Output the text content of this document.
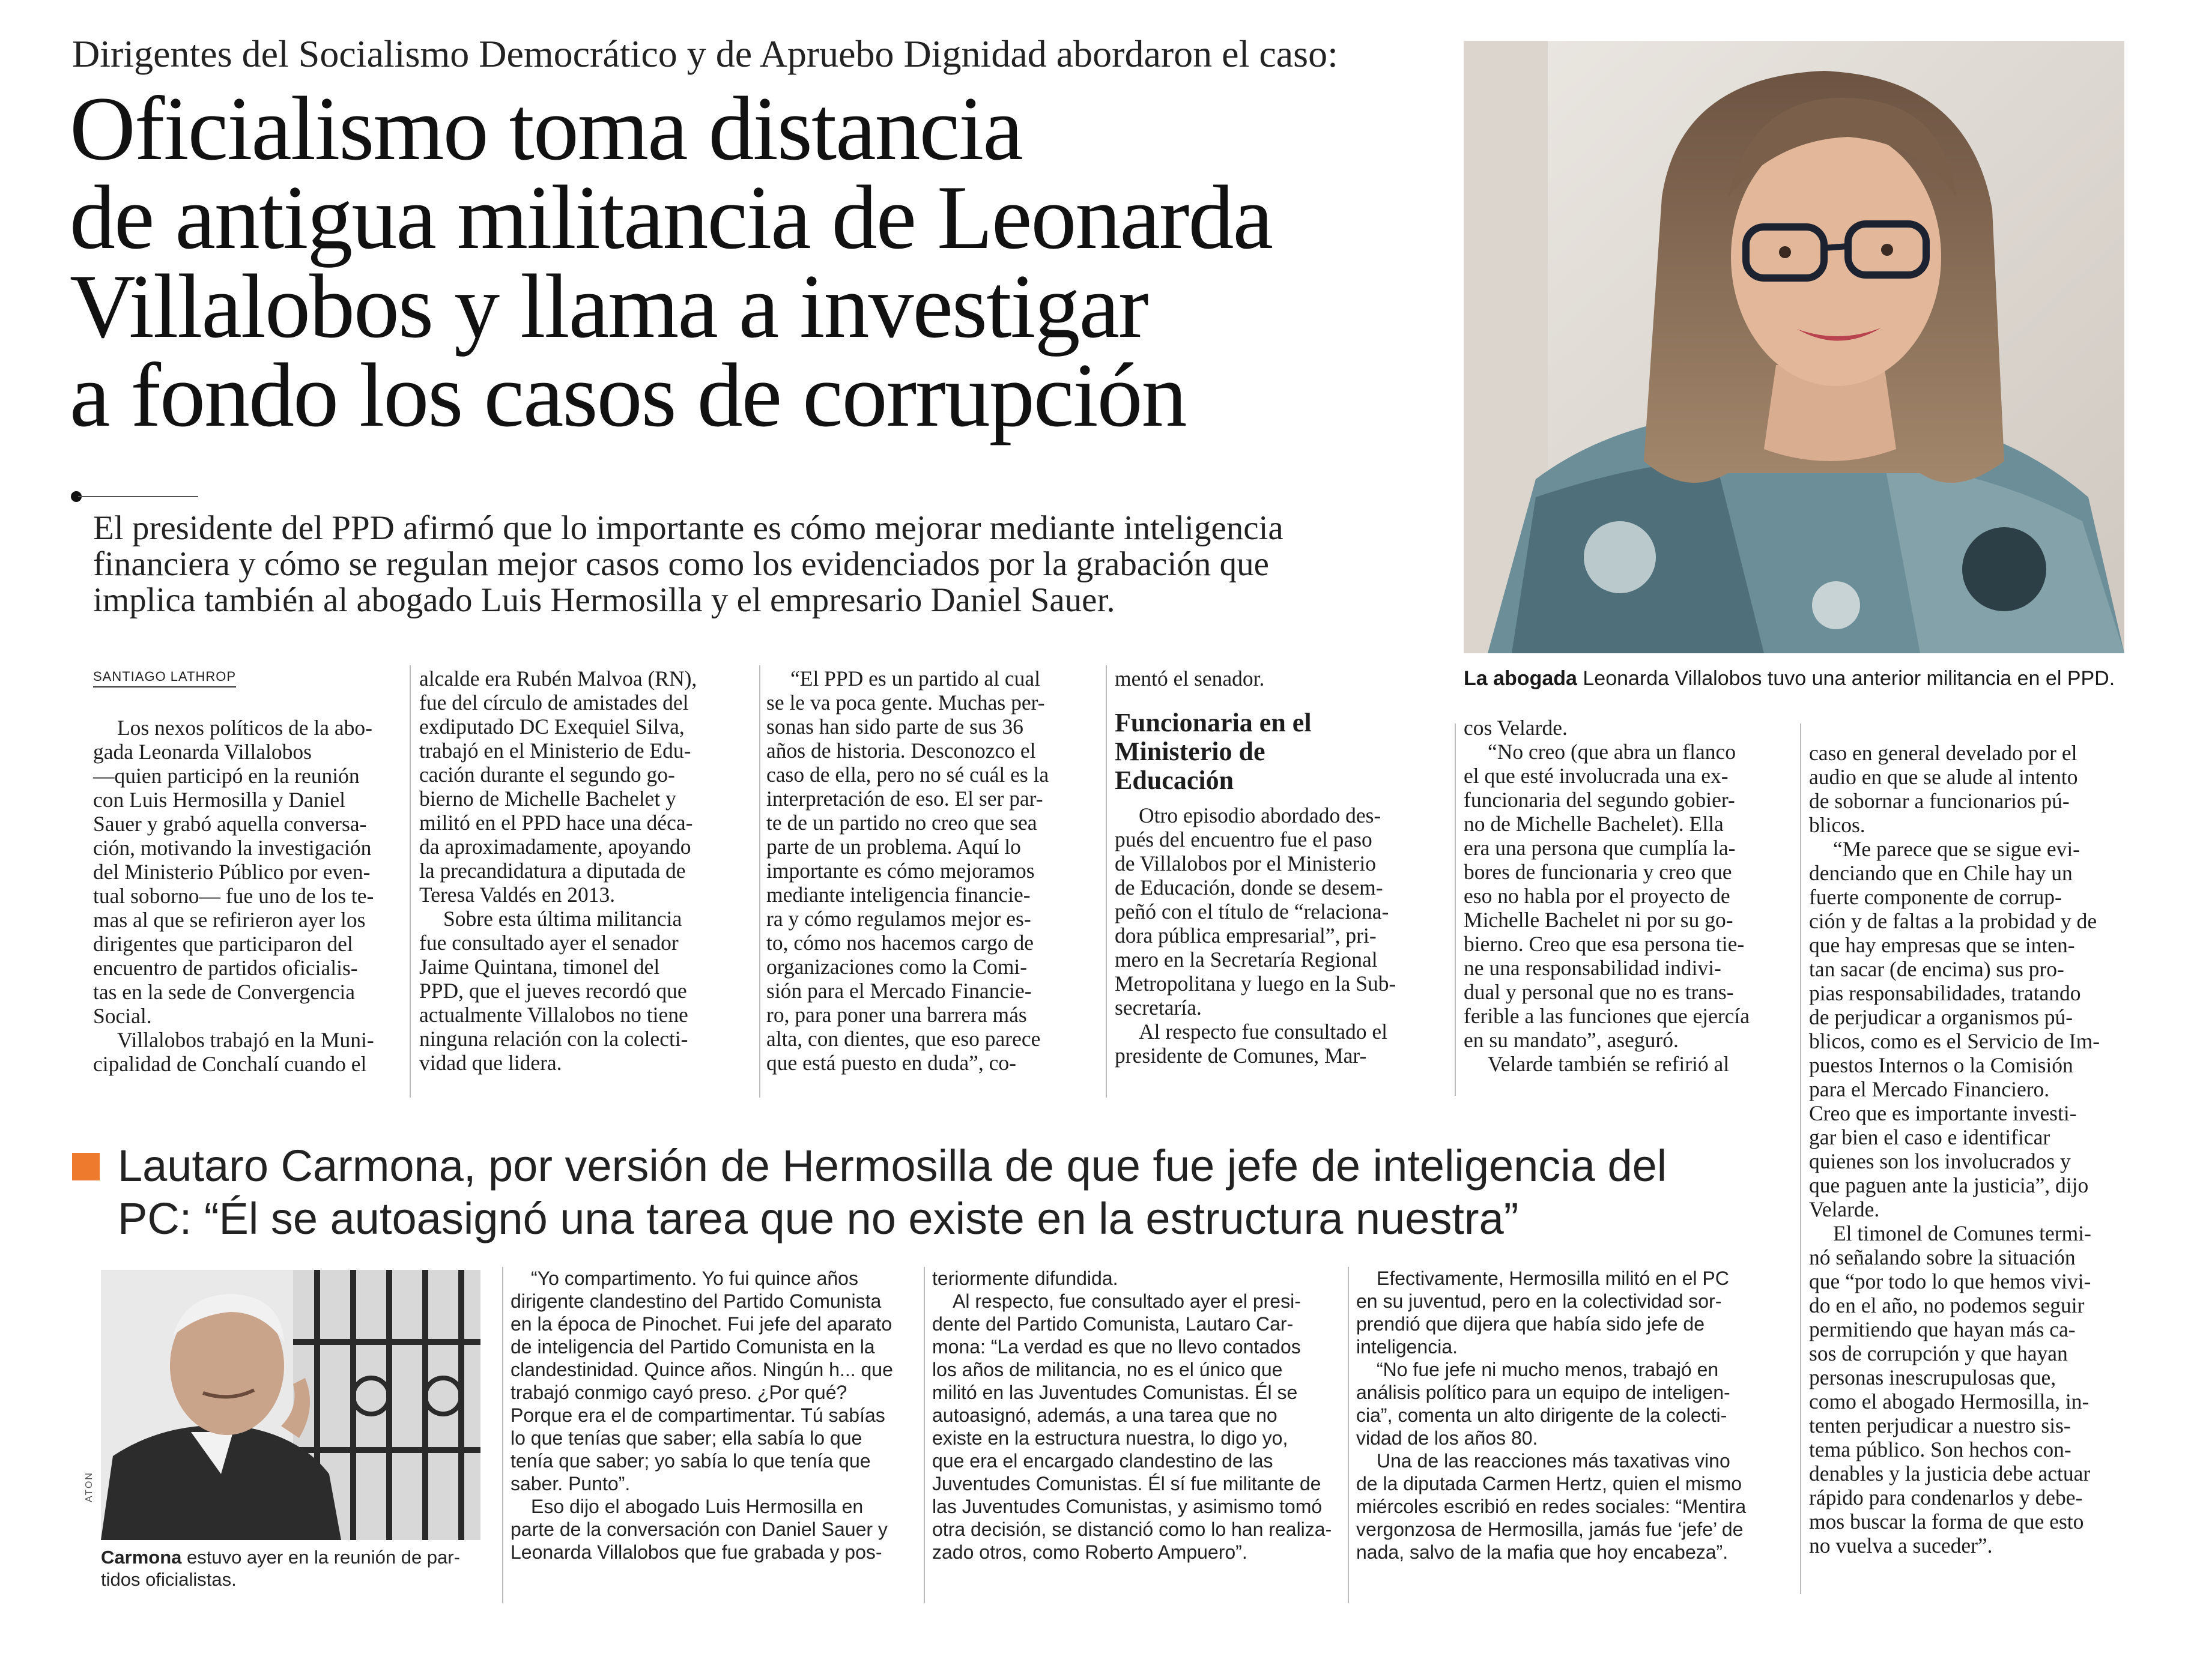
Dirigentes del Socialismo Democrático y de Apruebo Dignidad abordaron el caso:
Oficialismo toma distancia
de antigua militancia de Leonarda
Villalobos y llama a investigar
a fondo los casos de corrupción
El presidente del PPD afirmó que lo importante es cómo mejorar mediante inteligencia
financiera y cómo se regulan mejor casos como los evidenciados por la grabación que
implica también al abogado Luis Hermosilla y el empresario Daniel Sauer.
La abogada Leonarda Villalobos tuvo una anterior militancia en el PPD.
SANTIAGO LATHROP
Los nexos políticos de la abo-
gada Leonarda Villalobos
—quien participó en la reunión
con Luis Hermosilla y Daniel
Sauer y grabó aquella conversa-
ción, motivando la investigación
del Ministerio Público por even-
tual soborno— fue uno de los te-
mas al que se refirieron ayer los
dirigentes que participaron del
encuentro de partidos oficialis-
tas en la sede de Convergencia
Social.
Villalobos trabajó en la Muni-
cipalidad de Conchalí cuando el
alcalde era Rubén Malvoa (RN),
fue del círculo de amistades del
exdiputado DC Exequiel Silva,
trabajó en el Ministerio de Edu-
cación durante el segundo go-
bierno de Michelle Bachelet y
militó en el PPD hace una déca-
da aproximadamente, apoyando
la precandidatura a diputada de
Teresa Valdés en 2013.
Sobre esta última militancia
fue consultado ayer el senador
Jaime Quintana, timonel del
PPD, que el jueves recordó que
actualmente Villalobos no tiene
ninguna relación con la colecti-
vidad que lidera.
“El PPD es un partido al cual
se le va poca gente. Muchas per-
sonas han sido parte de sus 36
años de historia. Desconozco el
caso de ella, pero no sé cuál es la
interpretación de eso. El ser par-
te de un partido no creo que sea
parte de un problema. Aquí lo
importante es cómo mejoramos
mediante inteligencia financie-
ra y cómo regulamos mejor es-
to, cómo nos hacemos cargo de
organizaciones como la Comi-
sión para el Mercado Financie-
ro, para poner una barrera más
alta, con dientes, que eso parece
que está puesto en duda”, co-
mentó el senador.
Funcionaria en el
Ministerio de
Educación
Otro episodio abordado des-
pués del encuentro fue el paso
de Villalobos por el Ministerio
de Educación, donde se desem-
peñó con el título de “relaciona-
dora pública empresarial”, pri-
mero en la Secretaría Regional
Metropolitana y luego en la Sub-
secretaría.
Al respecto fue consultado el
presidente de Comunes, Mar-
cos Velarde.
“No creo (que abra un flanco
el que esté involucrada una ex-
funcionaria del segundo gobier-
no de Michelle Bachelet). Ella
era una persona que cumplía la-
bores de funcionaria y creo que
eso no habla por el proyecto de
Michelle Bachelet ni por su go-
bierno. Creo que esa persona tie-
ne una responsabilidad indivi-
dual y personal que no es trans-
ferible a las funciones que ejercía
en su mandato”, aseguró.
Velarde también se refirió al
caso en general develado por el
audio en que se alude al intento
de sobornar a funcionarios pú-
blicos.
“Me parece que se sigue evi-
denciando que en Chile hay un
fuerte componente de corrup-
ción y de faltas a la probidad y de
que hay empresas que se inten-
tan sacar (de encima) sus pro-
pias responsabilidades, tratando
de perjudicar a organismos pú-
blicos, como es el Servicio de Im-
puestos Internos o la Comisión
para el Mercado Financiero.
Creo que es importante investi-
gar bien el caso e identificar
quienes son los involucrados y
que paguen ante la justicia”, dijo
Velarde.
El timonel de Comunes termi-
nó señalando sobre la situación
que “por todo lo que hemos vivi-
do en el año, no podemos seguir
permitiendo que hayan más ca-
sos de corrupción y que hayan
personas inescrupulosas que,
como el abogado Hermosilla, in-
tenten perjudicar a nuestro sis-
tema público. Son hechos con-
denables y la justicia debe actuar
rápido para condenarlos y debe-
mos buscar la forma de que esto
no vuelva a suceder”.
Lautaro Carmona, por versión de Hermosilla de que fue jefe de inteligencia del
PC: “Él se autoasignó una tarea que no existe en la estructura nuestra”
ATON
Carmona estuvo ayer en la reunión de par-
tidos oficialistas.
“Yo compartimento. Yo fui quince años
dirigente clandestino del Partido Comunista
en la época de Pinochet. Fui jefe del aparato
de inteligencia del Partido Comunista en la
clandestinidad. Quince años. Ningún h... que
trabajó conmigo cayó preso. ¿Por qué?
Porque era el de compartimentar. Tú sabías
lo que tenías que saber; ella sabía lo que
tenía que saber; yo sabía lo que tenía que
saber. Punto”.
Eso dijo el abogado Luis Hermosilla en
parte de la conversación con Daniel Sauer y
Leonarda Villalobos que fue grabada y pos-
teriormente difundida.
Al respecto, fue consultado ayer el presi-
dente del Partido Comunista, Lautaro Car-
mona: “La verdad es que no llevo contados
los años de militancia, no es el único que
militó en las Juventudes Comunistas. Él se
autoasignó, además, a una tarea que no
existe en la estructura nuestra, lo digo yo,
que era el encargado clandestino de las
Juventudes Comunistas. Él sí fue militante de
las Juventudes Comunistas, y asimismo tomó
otra decisión, se distanció como lo han realiza-
zado otros, como Roberto Ampuero”.
Efectivamente, Hermosilla militó en el PC
en su juventud, pero en la colectividad sor-
prendió que dijera que había sido jefe de
inteligencia.
“No fue jefe ni mucho menos, trabajó en
análisis político para un equipo de inteligen-
cia”, comenta un alto dirigente de la colecti-
vidad de los años 80.
Una de las reacciones más taxativas vino
de la diputada Carmen Hertz, quien el mismo
miércoles escribió en redes sociales: “Mentira
vergonzosa de Hermosilla, jamás fue ‘jefe’ de
nada, salvo de la mafia que hoy encabeza”.
